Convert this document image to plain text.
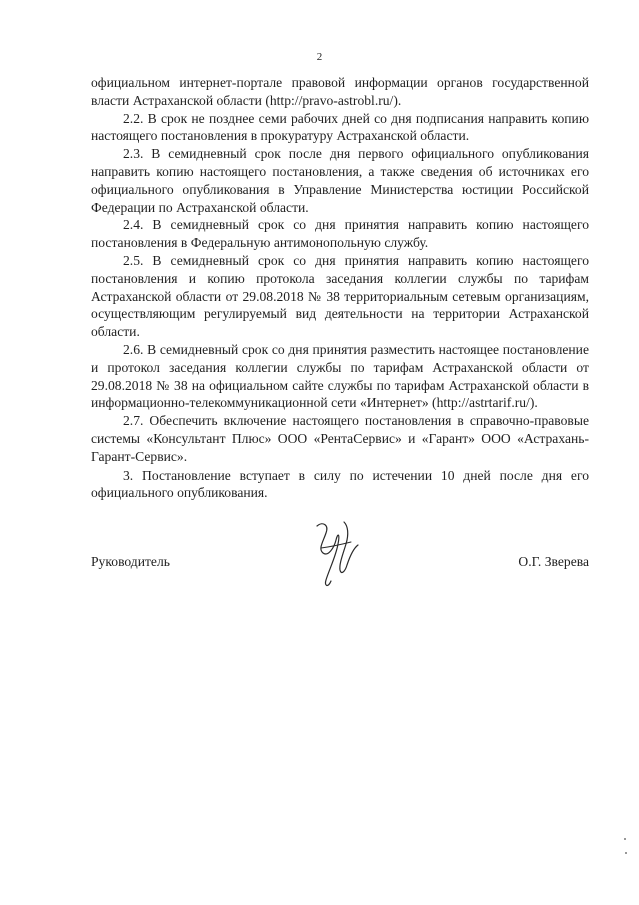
2

официальном интернет-портале правовой информации органов государственной власти Астраханской области (http://pravo-astrobl.ru/).

2.2. В срок не позднее семи рабочих дней со дня подписания направить копию настоящего постановления в прокуратуру Астраханской области.

2.3. В семидневный срок после дня первого официального опубликования направить копию настоящего постановления, а также сведения об источниках его официального опубликования в Управление Министерства юстиции Российской Федерации по Астраханской области.

2.4. В семидневный срок со дня принятия направить копию настоящего постановления в Федеральную антимонопольную службу.

2.5. В семидневный срок со дня принятия направить копию настоящего постановления и копию протокола заседания коллегии службы по тарифам Астраханской области от 29.08.2018 № 38 территориальным сетевым организациям, осуществляющим регулируемый вид деятельности на территории Астраханской области.

2.6. В семидневный срок со дня принятия разместить настоящее постановление и протокол заседания коллегии службы по тарифам Астраханской области от 29.08.2018 № 38 на официальном сайте службы по тарифам Астраханской области в информационно-телекоммуникационной сети «Интернет» (http://astrtarif.ru/).

2.7. Обеспечить включение настоящего постановления в справочно-правовые системы «Консультант Плюс» ООО «РентаСервис» и «Гарант» ООО «Астрахань-Гарант-Сервис».

3. Постановление вступает в силу по истечении 10 дней после дня его официального опубликования.

Руководитель	О.Г. Зверева
